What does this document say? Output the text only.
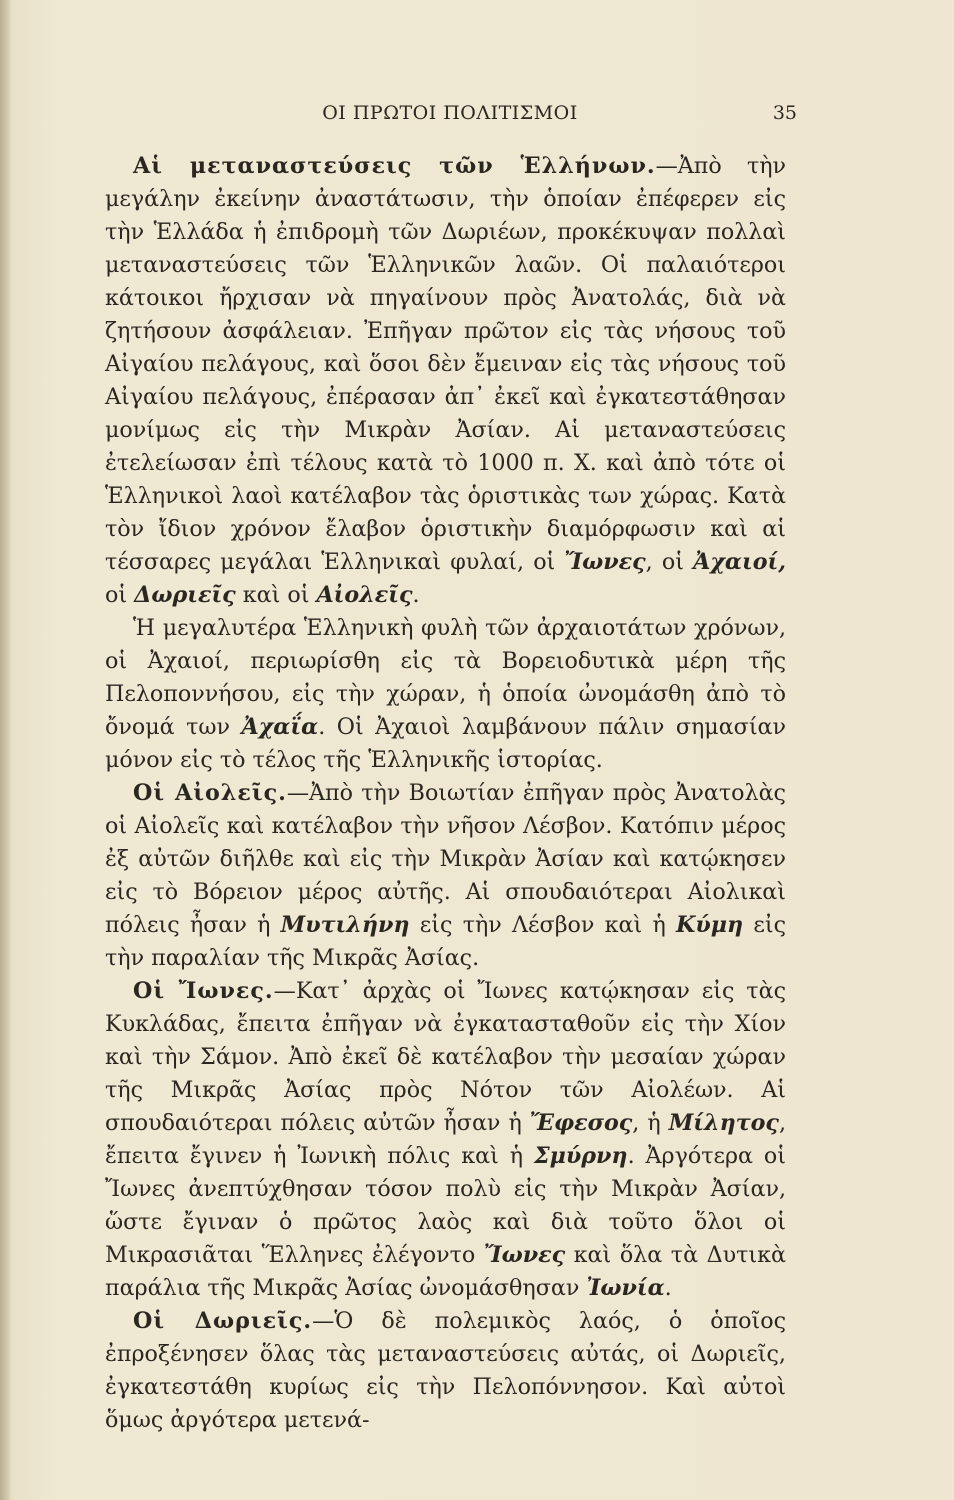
ΟΙ ΠΡΩΤΟΙ ΠΟΛΙΤΙΣΜΟΙ	35

Αἱ μεταναστεύσεις τῶν Ἑλλήνων.—Ἀπὸ τὴν μεγάλην ἐκείνην ἀναστάτωσιν, τὴν ὁποίαν ἐπέφερεν εἰς τὴν Ἑλλάδα ἡ ἐπιδρομὴ τῶν Δωριέων, προκέκυψαν πολλαὶ μεταναστεύσεις τῶν Ἑλληνικῶν λαῶν. Οἱ παλαιότεροι κάτοικοι ἤρχισαν νὰ πηγαίνουν πρὸς Ἀνατολάς, διὰ νὰ ζητήσουν ἀσφάλειαν. Ἐπῆγαν πρῶτον εἰς τὰς νήσους τοῦ Αἰγαίου πελάγους, καὶ ὅσοι δὲν ἔμειναν εἰς τὰς νήσους τοῦ Αἰγαίου πελάγους, ἐπέρασαν ἀπ᾿ ἐκεῖ καὶ ἐγκατεστάθησαν μονίμως εἰς τὴν Μικρὰν Ἀσίαν. Αἱ μεταναστεύσεις ἐτελείωσαν ἐπὶ τέλους κατὰ τὸ 1000 π. Χ. καὶ ἀπὸ τότε οἱ Ἑλληνικοὶ λαοὶ κατέλαβον τὰς ὁριστικὰς των χώρας. Κατὰ τὸν ἴδιον χρόνον ἔλαβον ὁριστικὴν διαμόρφωσιν καὶ αἱ τέσσαρες μεγάλαι Ἑλληνικαὶ φυλαί, οἱ Ἴωνες, οἱ Ἀχαιοί, οἱ Δωριεῖς καὶ οἱ Αἰολεῖς.

Ἡ μεγαλυτέρα Ἑλληνικὴ φυλὴ τῶν ἀρχαιοτάτων χρόνων, οἱ Ἀχαιοί, περιωρίσθη εἰς τὰ Βορειοδυτικὰ μέρη τῆς Πελοποννήσου, εἰς τὴν χώραν, ἡ ὁποία ὠνομάσθη ἀπὸ τὸ ὄνομά των Ἀχαΐα. Οἱ Ἀχαιοὶ λαμβάνουν πάλιν σημασίαν μόνον εἰς τὸ τέλος τῆς Ἑλληνικῆς ἱστορίας.

Οἱ Αἰολεῖς.—Ἀπὸ τὴν Βοιωτίαν ἐπῆγαν πρὸς Ἀνατολὰς οἱ Αἰολεῖς καὶ κατέλαβον τὴν νῆσον Λέσβον. Κατόπιν μέρος ἐξ αὐτῶν διῆλθε καὶ εἰς τὴν Μικρὰν Ἀσίαν καὶ κατῴκησεν εἰς τὸ Βόρειον μέρος αὐτῆς. Αἱ σπουδαιότεραι Αἰολικαὶ πόλεις ἦσαν ἡ Μυτιλήνη εἰς τὴν Λέσβον καὶ ἡ Κύμη εἰς τὴν παραλίαν τῆς Μικρᾶς Ἀσίας.

Οἱ Ἴωνες.—Κατ᾿ ἀρχὰς οἱ Ἴωνες κατῴκησαν εἰς τὰς Κυκλάδας, ἔπειτα ἐπῆγαν νὰ ἐγκατασταθοῦν εἰς τὴν Χίον καὶ τὴν Σάμον. Ἀπὸ ἐκεῖ δὲ κατέλαβον τὴν μεσαίαν χώραν τῆς Μικρᾶς Ἀσίας πρὸς Νότον τῶν Αἰολέων. Αἱ σπουδαιότεραι πόλεις αὐτῶν ἦσαν ἡ Ἔφεσος, ἡ Μίλητος, ἔπειτα ἔγινεν ἡ Ἰωνικὴ πόλις καὶ ἡ Σμύρνη. Ἀργότερα οἱ Ἴωνες ἀνεπτύχθησαν τόσον πολὺ εἰς τὴν Μικρὰν Ἀσίαν, ὥστε ἔγιναν ὁ πρῶτος λαὸς καὶ διὰ τοῦτο ὅλοι οἱ Μικρασιᾶται Ἕλληνες ἐλέγοντο Ἴωνες καὶ ὅλα τὰ Δυτικὰ παράλια τῆς Μικρᾶς Ἀσίας ὠνομάσθησαν Ἰωνία.

Οἱ Δωριεῖς.—Ὁ δὲ πολεμικὸς λαός, ὁ ὁποῖος ἐπροξένησεν ὅλας τὰς μεταναστεύσεις αὐτάς, οἱ Δωριεῖς, ἐγκατεστάθη κυρίως εἰς τὴν Πελοπόννησον. Καὶ αὐτοὶ ὅμως ἀργότερα μετενά-
